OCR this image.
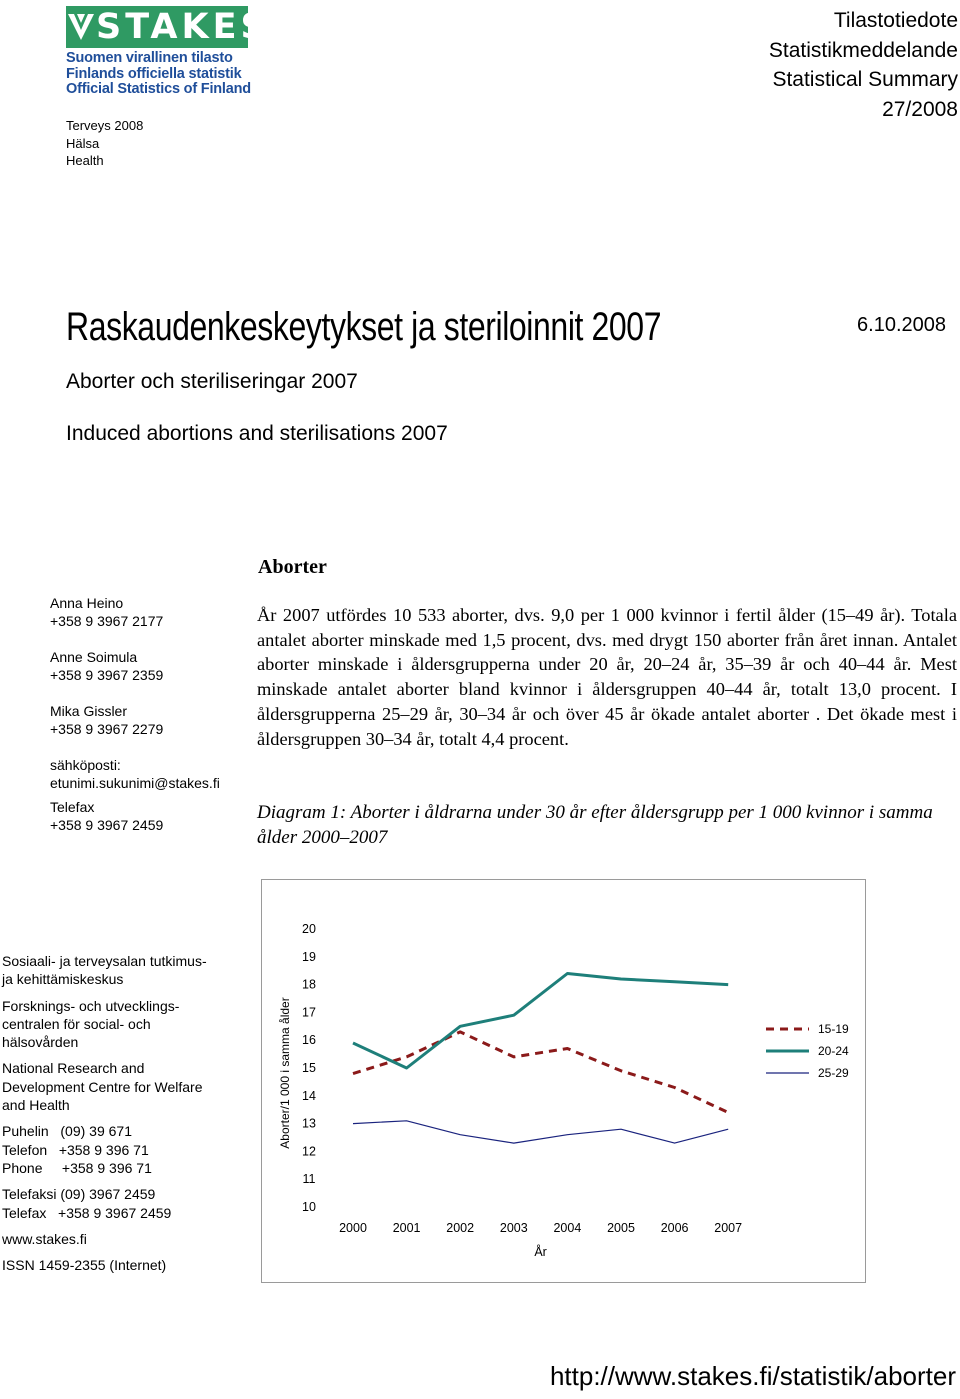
STAKES
Suomen virallinen tilasto
Finlands officiella statistik
Official Statistics of Finland
Terveys 2008
Hälsa
Health
Tilastotiedote
Statistikmeddelande
Statistical Summary
27/2008
Raskaudenkeskeytykset ja steriloinnit 2007	6.10.2008
Aborter och steriliseringar 2007
Induced abortions and sterilisations 2007
Anna Heino
+358 9 3967 2177
Anne Soimula
+358 9 3967 2359
Mika Gissler
+358 9 3967 2279
sähköposti:
etunimi.sukunimi@stakes.fi
Telefax
+358 9 3967 2459
Aborter
År 2007 utfördes 10 533 aborter, dvs. 9,0 per 1 000 kvinnor i fertil ålder (15–49 år). Totala antalet aborter minskade med 1,5 procent, dvs. med drygt 150 aborter från året innan. Antalet aborter minskade i åldersgrupperna under 20 år, 20–24 år, 35–39 år och 40–44 år. Mest minskade antalet aborter bland kvinnor i åldersgruppen 40–44 år, totalt 13,0 procent. I åldersgrupperna 25–29 år, 30–34 år och över 45 år ökade antalet aborter . Det ökade mest i åldersgruppen 30–34 år, totalt 4,4 procent.
Diagram 1: Aborter i åldrarna under 30 år efter åldersgrupp per 1 000 kvinnor i samma ålder 2000–2007
Sosiaali- ja terveysalan tutkimus-
ja kehittämiskeskus
Forsknings- och utvecklings-
centralen för social- och
hälsovården
National Research and
Development Centre for Welfare
and Health
Puhelin   (09) 39 671
Telefon   +358 9 396 71
Phone     +358 9 396 71
Telefaksi (09) 3967 2459
Telefax   +358 9 3967 2459
www.stakes.fi
ISSN 1459-2355 (Internet)
10
11
12
13
14
15
16
17
18
19
20
2000 2001 2002 2003 2004 2005 2006 2007
År
Aborter/1 000 i samma ålder	15-19
20-24
25-29
http://www.stakes.fi/statistik/aborter
